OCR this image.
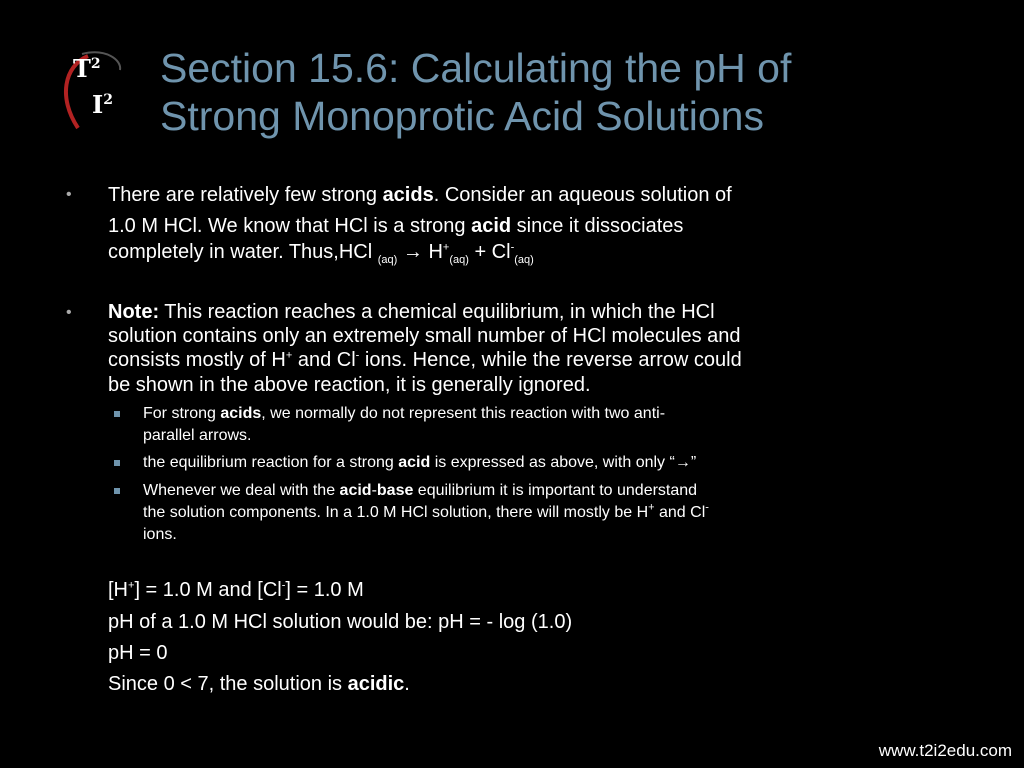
$T^2$
$I^2$
Section 15.6: Calculating the pH of
Strong Monoprotic Acid Solutions
• There are relatively few strong acids. Consider an aqueous solution of
1.0 M HCl. We know that HCl is a strong acid since it dissociates
completely in water. Thus,HCl $_{(aq)} \to H^+_{(aq)} + Cl^-_{(aq)}$
• Note: This reaction reaches a chemical equilibrium, in which the HCl
solution contains only an extremely small number of HCl molecules and
consists mostly of H+ and Cl- ions. Hence, while the reverse arrow could
be shown in the above reaction, it is generally ignored.
For strong acids, we normally do not represent this reaction with two anti-
parallel arrows.
the equilibrium reaction for a strong acid is expressed as above, with only “→”
Whenever we deal with the acid-base equilibrium it is important to understand
the solution components. In a 1.0 M HCl solution, there will mostly be H+ and Cl-
ions.
[H+] = 1.0 M and [Cl-] = 1.0 M
pH of a 1.0 M HCl solution would be: pH = - log (1.0)
pH = 0
Since 0 < 7, the solution is acidic.
www.t2i2edu.com
